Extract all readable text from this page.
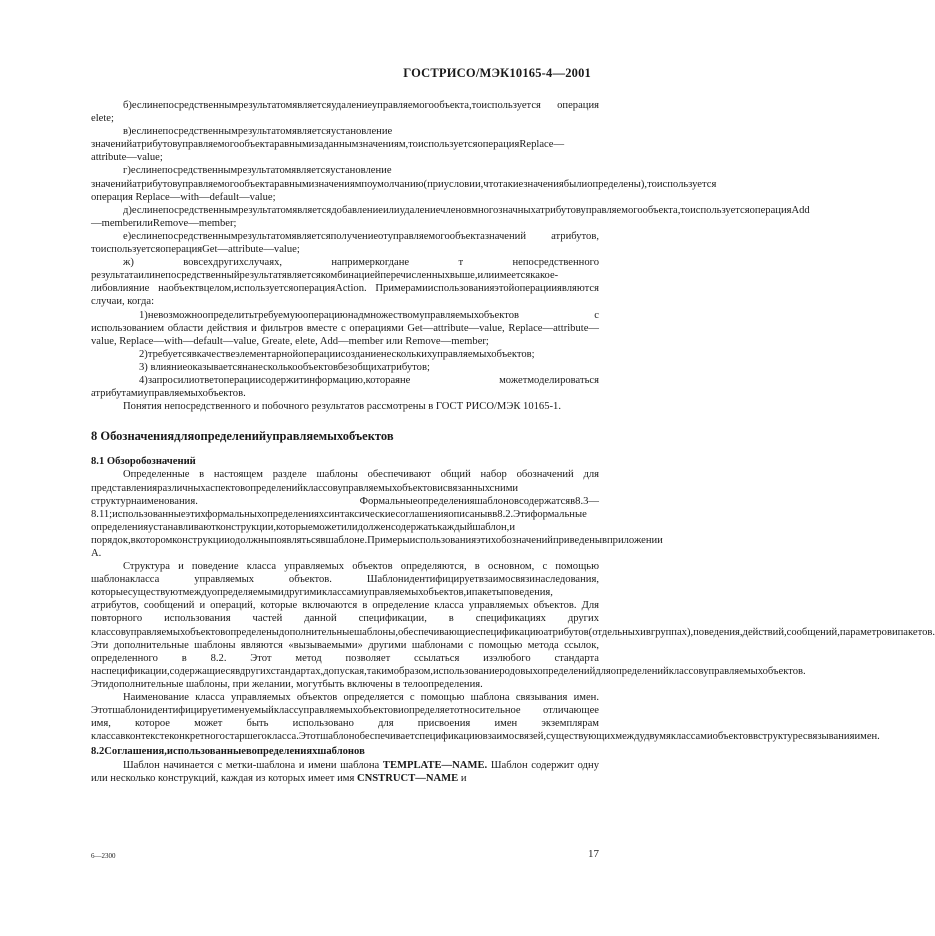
ГОСТРИСО/МЭК10165-4—2001

б)еслинепосредственнымрезультатомявляетсяудалениеуправляемогообъекта,тоиспользуется операция elete;

в)еслинепосредственнымрезультатомявляетсяустановление значенийатрибутовуправляемогообъектаравнымизаданнымзначениям,тоиспользуетсяоперацияReplace—attribute—value;

г)еслинепосредственнымрезультатомявляетсяустановление значенийатрибутовуправляемогообъектаравнымизначениямпоумолчанию(приусловии,чтотакиезначениябылиопределены),тоиспользуется операция Replace—with—default—value;

д)еслинепосредственнымрезультатомявляетсядобавлениеилиудалениечленовмногозначныхатрибутовуправляемогообъекта,тоиспользуетсяоперацияAdd—memberилиRemove—member;

е)еслинепосредственнымрезультатомявляетсяполучениеотуправляемогообъектазначений атрибутов, тоиспользуетсяоперацияGet—attribute—value;

ж) вовсехдругихслучаях, напримеркогдане т непосредственного результатаилинепосредственныйрезультатявляетсякомбинациейперечисленныхвыше,илиимеетсякакое-либовлияние наобъектвцелом,используетсяоперацияAction. Примерамииспользованияэтойоперацииявляются случаи, когда:

1)невозможноопределитьтребуемуюоперациюнадмножествомуправляемыхобъектов с использованием области действия и фильтров вместе с операциями Get—attribute—value, Replace—attribute—value, Replace—with—default—value, Greate, elete, Add—member или Remove—member;

2)требуетсявкачествеэлементарнойоперациисозданиенесколькихуправляемыхобъектов;

3) влияниеоказываетсянанесколькообъектовбезобщихатрибутов;

4)запросилиответоперациисодержитинформацию,котораяне можетмоделироваться атрибутамиуправляемыхобъектов.

Понятия непосредственного и побочного результатов рассмотрены в ГОСТ РИСО/МЭК 10165-1.

8 Обозначениядляопределенийуправляемыхобъектов

8.1 Обзоробозначений

Определенные в настоящем разделе шаблоны обеспечивают общий набор обозначений для представленияразличныхаспектовопределенийклассовуправляемыхобъектовисвязанныхсними структурнаименования. Формальныеопределенияшаблоновсодержатсяв8.3—8.11;использованныеэтихформальныхопределенияхсинтаксическиесоглашенияописанывв8.2.Этиформальные определенияустанавливаютконструкции,которыеможетилидолженсодержатькаждыйшаблон,и порядок,вкоторомконструкцииодолжныпоявлятьсявшаблоне.Примерыиспользованияэтихобозначенийприведенывприложении А.

Структура и поведение класса управляемых объектов определяются, в основном, с помощью шаблонакласса управляемых объектов. Шаблонидентифицируетвзаимосвязинаследования, которыесуществуютмеждуопределяемымидругимиклассамиуправляемыхобъектов,ипакетыповедения, атрибутов, сообщений и операций, которые включаются в определение класса управляемых объектов. Для повторного использования частей данной спецификации, в спецификациях других классовуправляемыхобъектовопределеныдополнительныешаблоны,обеспечивающиеспецификациюатрибутов(отдельныхивгруппах),поведения,действий,сообщений,параметровипакетов. Эти дополнительные шаблоны являются «вызываемыми» другими шаблонами с помощью метода ссылок, определенного в 8.2. Этот метод позволяет ссылаться изэлюбого стандарта наспецификации,содержащиесявдругихстандартах,допуская,такимобразом,использованиеродовыхопределенийдляопределенийклассовуправляемыхобъектов. Этидополнительные шаблоны, при желании, могутбыть включены в телоопределения.

Наименование класса управляемых объектов определяется с помощью шаблона связывания имен. Этотшаблонидентифицируетименуемыйклассуправляемыхобъектовиопределяетотносительное отличающее имя, которое может быть использовано для присвоения имен экземплярам классавконтекстеконкретногостаршегокласса.Этотшаблонобеспечиваетспецификациювзаимосвязей,существующихмеждудвумяклассамиобъектоввструктуресвязыванияимен.

8.2Соглашения,использованныевопределенияхшаблонов

Шаблон начинается с метки-шаблона и имени шаблона TEMPLATE—NAME. Шаблон содержит одну или несколько конструкций, каждая из которых имеет имя CNSTRUCT—NAME и

6—2300	17
